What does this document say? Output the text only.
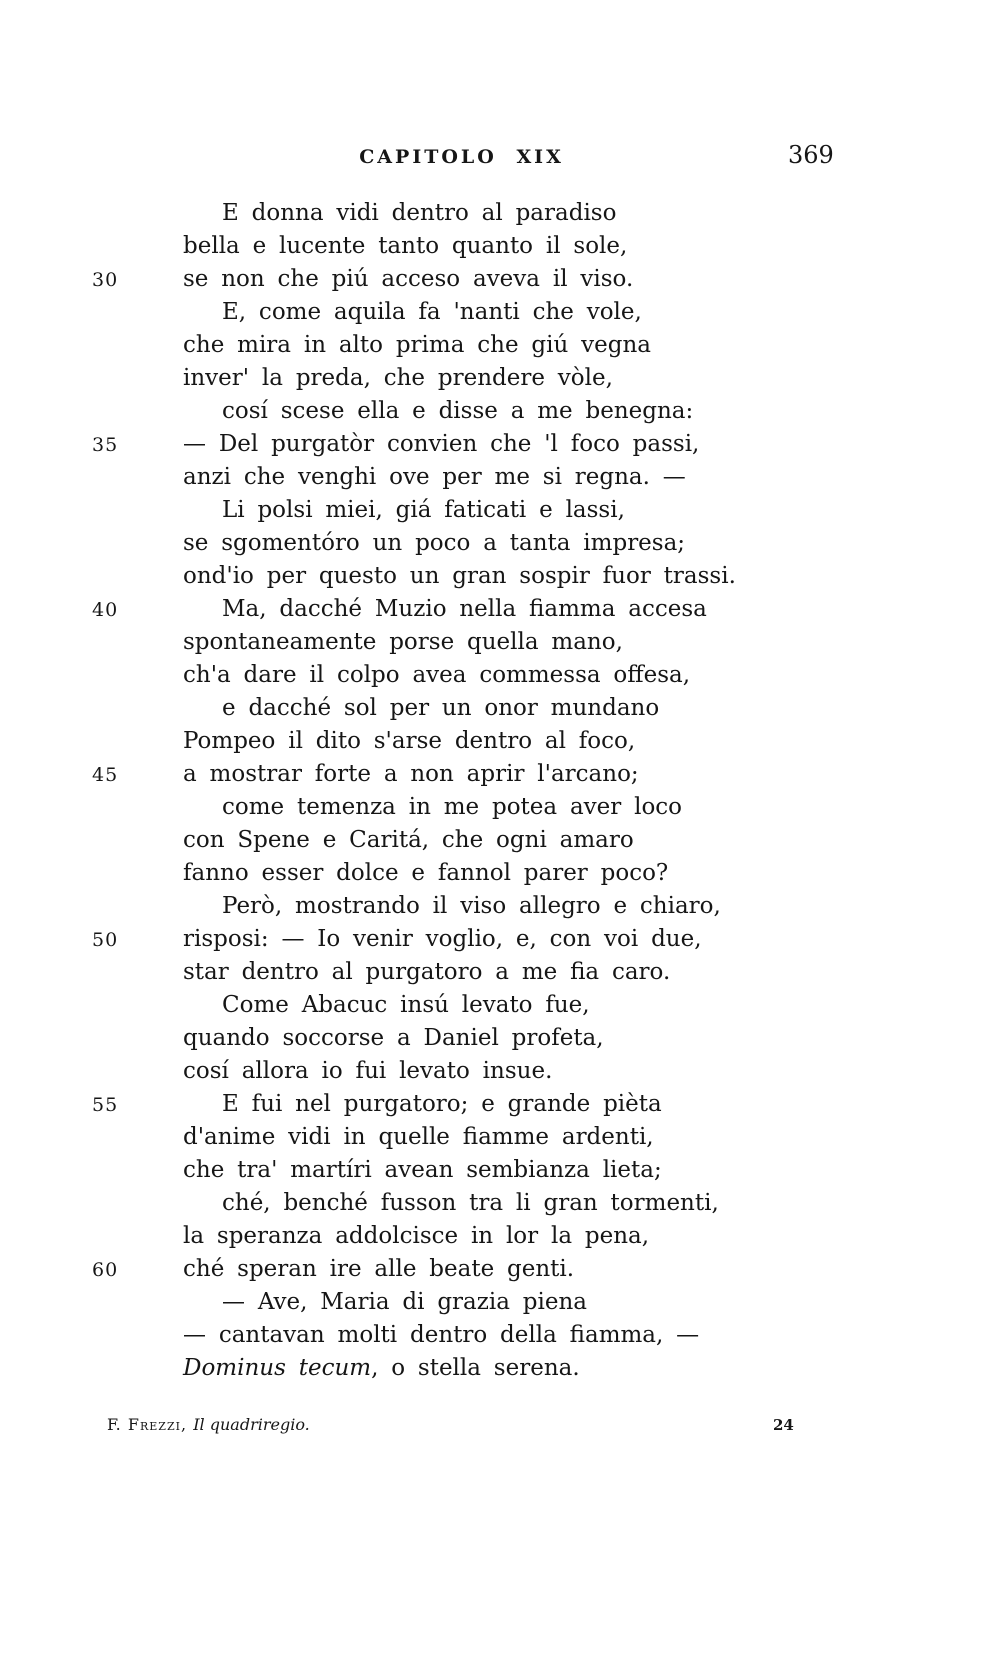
CAPITOLO XIX	369
E donna vidi dentro al paradiso
bella e lucente tanto quanto il sole,
30	se non che piú acceso aveva il viso.
E, come aquila fa 'nanti che vole,
che mira in alto prima che giú vegna
inver' la preda, che prendere vòle,
cosí scese ella e disse a me benegna:
35	— Del purgatòr convien che 'l foco passi,
anzi che venghi ove per me si regna. —
Li polsi miei, giá faticati e lassi,
se sgomentóro un poco a tanta impresa;
ond'io per questo un gran sospir fuor trassi.
40	Ma, dacché Muzio nella fiamma accesa
spontaneamente porse quella mano,
ch'a dare il colpo avea commessa offesa,
e dacché sol per un onor mundano
Pompeo il dito s'arse dentro al foco,
45	a mostrar forte a non aprir l'arcano;
come temenza in me potea aver loco
con Spene e Caritá, che ogni amaro
fanno esser dolce e fannol parer poco?
Però, mostrando il viso allegro e chiaro,
50	risposi: — Io venir voglio, e, con voi due,
star dentro al purgatoro a me fia caro.
Come Abacuc insú levato fue,
quando soccorse a Daniel profeta,
cosí allora io fui levato insue.
55	E fui nel purgatoro; e grande pièta
d'anime vidi in quelle fiamme ardenti,
che tra' martíri avean sembianza lieta;
ché, benché fusson tra li gran tormenti,
la speranza addolcisce in lor la pena,
60	ché speran ire alle beate genti.
— Ave, Maria di grazia piena
— cantavan molti dentro della fiamma, —
Dominus tecum, o stella serena.
F. Frezzi, Il quadriregio.	24
